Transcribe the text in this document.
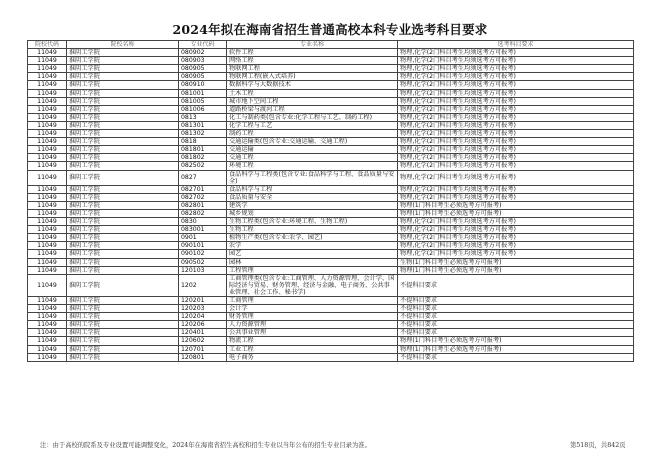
2024年拟在海南省招生普通高校本科专业选考科目要求
院校代码	院校名称	专业代码	专业名称	选考科目要求
11049	淮阴工学院	080902	软件工程	物理,化学(2门科目考生均须选考方可报考)
11049	淮阴工学院	080903	网络工程	物理,化学(2门科目考生均须选考方可报考)
11049	淮阴工学院	080905	物联网工程	物理,化学(2门科目考生均须选考方可报考)
11049	淮阴工学院	080905	物联网工程(嵌入式培养)	物理,化学(2门科目考生均须选考方可报考)
11049	淮阴工学院	080910	数据科学与大数据技术	物理,化学(2门科目考生均须选考方可报考)
11049	淮阴工学院	081001	土木工程	物理,化学(2门科目考生均须选考方可报考)
11049	淮阴工学院	081005	城市地下空间工程	物理,化学(2门科目考生均须选考方可报考)
11049	淮阴工学院	081006	道路桥梁与渡河工程	物理,化学(2门科目考生均须选考方可报考)
11049	淮阴工学院	0813	化工与制药类(包含专业:化学工程与工艺、制药工程)	物理,化学(2门科目考生均须选考方可报考)
11049	淮阴工学院	081301	化学工程与工艺	物理,化学(2门科目考生均须选考方可报考)
11049	淮阴工学院	081302	制药工程	物理,化学(2门科目考生均须选考方可报考)
11049	淮阴工学院	0818	交通运输类(包含专业:交通运输、交通工程)	物理,化学(2门科目考生均须选考方可报考)
11049	淮阴工学院	081801	交通运输	物理,化学(2门科目考生均须选考方可报考)
11049	淮阴工学院	081802	交通工程	物理,化学(2门科目考生均须选考方可报考)
11049	淮阴工学院	082502	环境工程	物理,化学(2门科目考生均须选考方可报考)
11049	淮阴工学院	0827	食品科学与工程类(包含专业:食品科学与工程、食品质量与安全)	物理,化学(2门科目考生均须选考方可报考)
11049	淮阴工学院	082701	食品科学与工程	物理,化学(2门科目考生均须选考方可报考)
11049	淮阴工学院	082702	食品质量与安全	物理,化学(2门科目考生均须选考方可报考)
11049	淮阴工学院	082801	建筑学	物理(1门科目考生必须选考方可报考)
11049	淮阴工学院	082802	城乡规划	物理(1门科目考生必须选考方可报考)
11049	淮阴工学院	0830	生物工程类(包含专业:环境工程、生物工程)	物理,化学(2门科目考生均须选考方可报考)
11049	淮阴工学院	083001	生物工程	物理,化学(2门科目考生均须选考方可报考)
11049	淮阴工学院	0901	植物生产类(包含专业:农学、园艺)	物理,化学(2门科目考生均须选考方可报考)
11049	淮阴工学院	090101	农学	物理,化学(2门科目考生均须选考方可报考)
11049	淮阴工学院	090102	园艺	物理,化学(2门科目考生均须选考方可报考)
11049	淮阴工学院	090502	园林	生物(1门科目考生必须选考方可报考)
11049	淮阴工学院	120103	工程管理	物理(1门科目考生必须选考方可报考)
11049	淮阴工学院	1202	工商管理类(包含专业:工商管理、人力资源管理、会计学、国际经济与贸易、财务管理、经济与金融、电子商务、公共事业管理、社会工作、秘书学)	不提科目要求
11049	淮阴工学院	120201	工商管理	不提科目要求
11049	淮阴工学院	120203	会计学	不提科目要求
11049	淮阴工学院	120204	财务管理	不提科目要求
11049	淮阴工学院	120206	人力资源管理	不提科目要求
11049	淮阴工学院	120401	公共事业管理	不提科目要求
11049	淮阴工学院	120602	物流工程	物理(1门科目考生必须选考方可报考)
11049	淮阴工学院	120701	工业工程	物理(1门科目考生必须选考方可报考)
11049	淮阴工学院	120801	电子商务	不提科目要求
注：由于高校的院系及专业设置可能调整变化，2024年在海南省招生高校和招生专业以当年公布的招生专业目录为准。	第518页，共842页
